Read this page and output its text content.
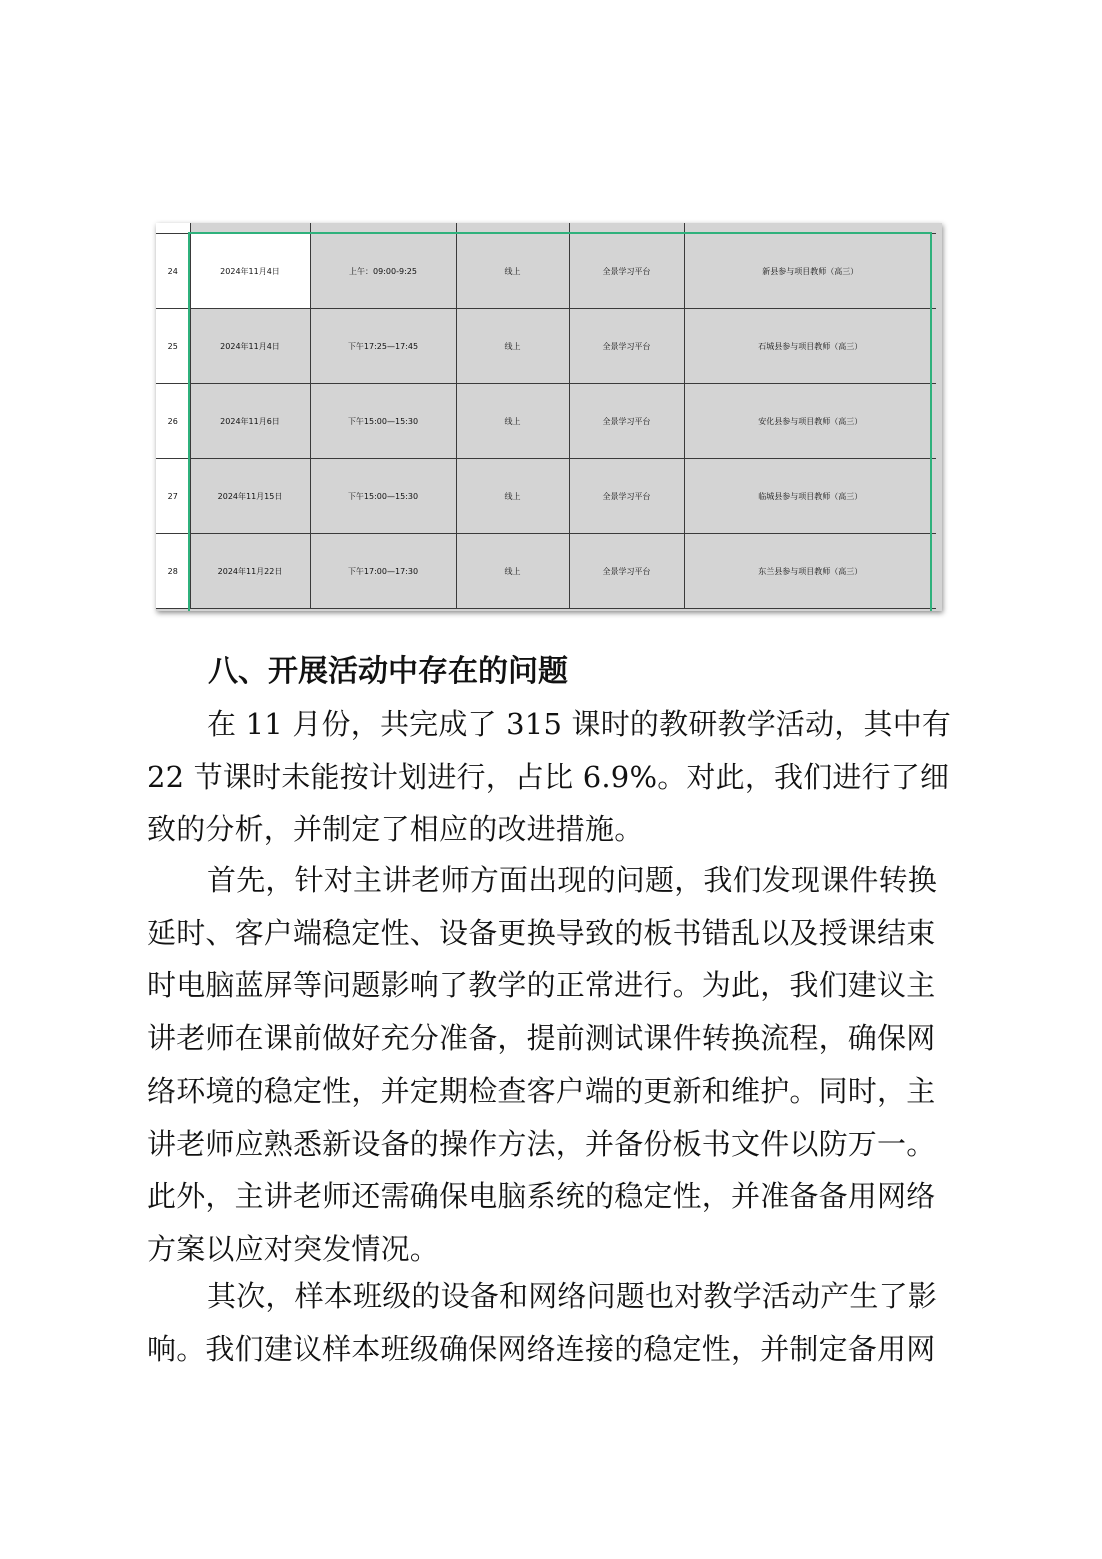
24	2024年11月4日	上午：09:00-9:25	线上	全景学习平台	新县参与项目教师（高三）
25	2024年11月4日	下午17:25—17:45	线上	全景学习平台	石城县参与项目教师（高三）
26	2024年11月6日	下午15:00—15:30	线上	全景学习平台	安化县参与项目教师（高三）
27	2024年11月15日	下午15:00—15:30	线上	全景学习平台	临城县参与项目教师（高三）
28	2024年11月22日	下午17:00—17:30	线上	全景学习平台	东兰县参与项目教师（高三）
八、开展活动中存在的问题

在 11 月份，共完成了 315 课时的教研教学活动，其中有
22 节课时未能按计划进行，占比 6.9%。对此，我们进行了细
致的分析，并制定了相应的改进措施。

首先，针对主讲老师方面出现的问题，我们发现课件转换
延时、客户端稳定性、设备更换导致的板书错乱以及授课结束
时电脑蓝屏等问题影响了教学的正常进行。为此，我们建议主
讲老师在课前做好充分准备，提前测试课件转换流程，确保网
络环境的稳定性，并定期检查客户端的更新和维护。同时，主
讲老师应熟悉新设备的操作方法，并备份板书文件以防万一。
此外，主讲老师还需确保电脑系统的稳定性，并准备备用网络
方案以应对突发情况。

其次，样本班级的设备和网络问题也对教学活动产生了影
响。我们建议样本班级确保网络连接的稳定性，并制定备用网
